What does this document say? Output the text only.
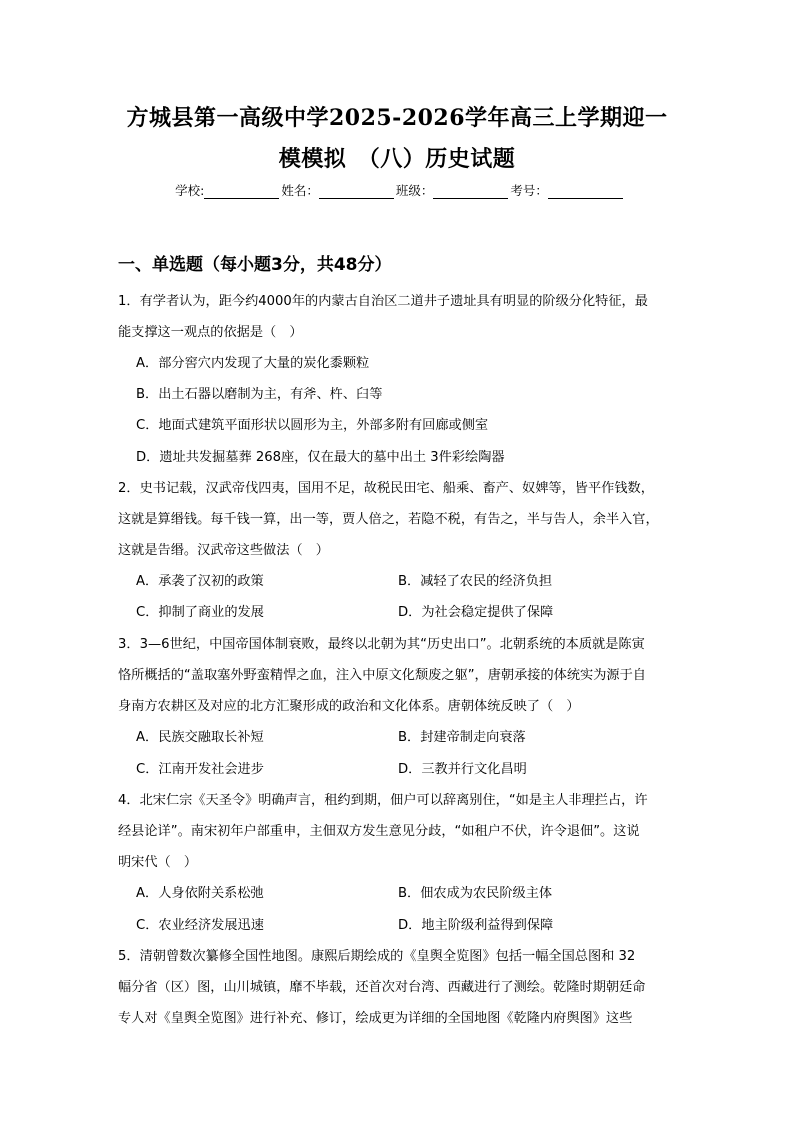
方城县第一高级中学2025-2026学年高三上学期迎一
模模拟　（八）历史试题
学校:	姓名：	班级：	考号：
一、单选题（每小题3分，共48分）
1．有学者认为，距今约4000年的内蒙古自治区二道井子遗址具有明显的阶级分化特征，最
能支撑这一观点的依据是（　）
A．部分窖穴内发现了大量的炭化黍颗粒
B．出土石器以磨制为主，有斧、杵、臼等
C．地面式建筑平面形状以圆形为主，外部多附有回廊或侧室
D．遗址共发掘墓葬 268座，仅在最大的墓中出土 3件彩绘陶器
2．史书记载，汉武帝伐四夷，国用不足，故税民田宅、船乘、畜产、奴婢等，皆平作钱数，
这就是算缗钱。每千钱一算，出一等，贾人倍之，若隐不税，有告之，半与告人，余半入官，
这就是告缗。汉武帝这些做法（　）
A．承袭了汉初的政策	B．减轻了农民的经济负担
C．抑制了商业的发展	D．为社会稳定提供了保障
3．3—6世纪，中国帝国体制衰败，最终以北朝为其“历史出口”。北朝系统的本质就是陈寅
恪所概括的“盖取塞外野蛮精悍之血，注入中原文化颓废之躯”，唐朝承接的体统实为源于自
身南方农耕区及对应的北方汇聚形成的政治和文化体系。唐朝体统反映了（　）
A．民族交融取长补短	B．封建帝制走向衰落
C．江南开发社会进步	D．三教并行文化昌明
4．北宋仁宗《天圣令》明确声言，租约到期，佃户可以辞离别住，“如是主人非理拦占，许
经县论详”。南宋初年户部重申，主佃双方发生意见分歧，“如租户不伏，许令退佃”。这说
明宋代（　）
A．人身依附关系松弛	B．佃农成为农民阶级主体
C．农业经济发展迅速	D．地主阶级利益得到保障
5．清朝曾数次纂修全国性地图。康熙后期绘成的《皇舆全览图》包括一幅全国总图和 32
幅分省（区）图，山川城镇，靡不毕载，还首次对台湾、西藏进行了测绘。乾隆时期朝廷命
专人对《皇舆全览图》进行补充、修订，绘成更为详细的全国地图《乾隆内府舆图》这些
